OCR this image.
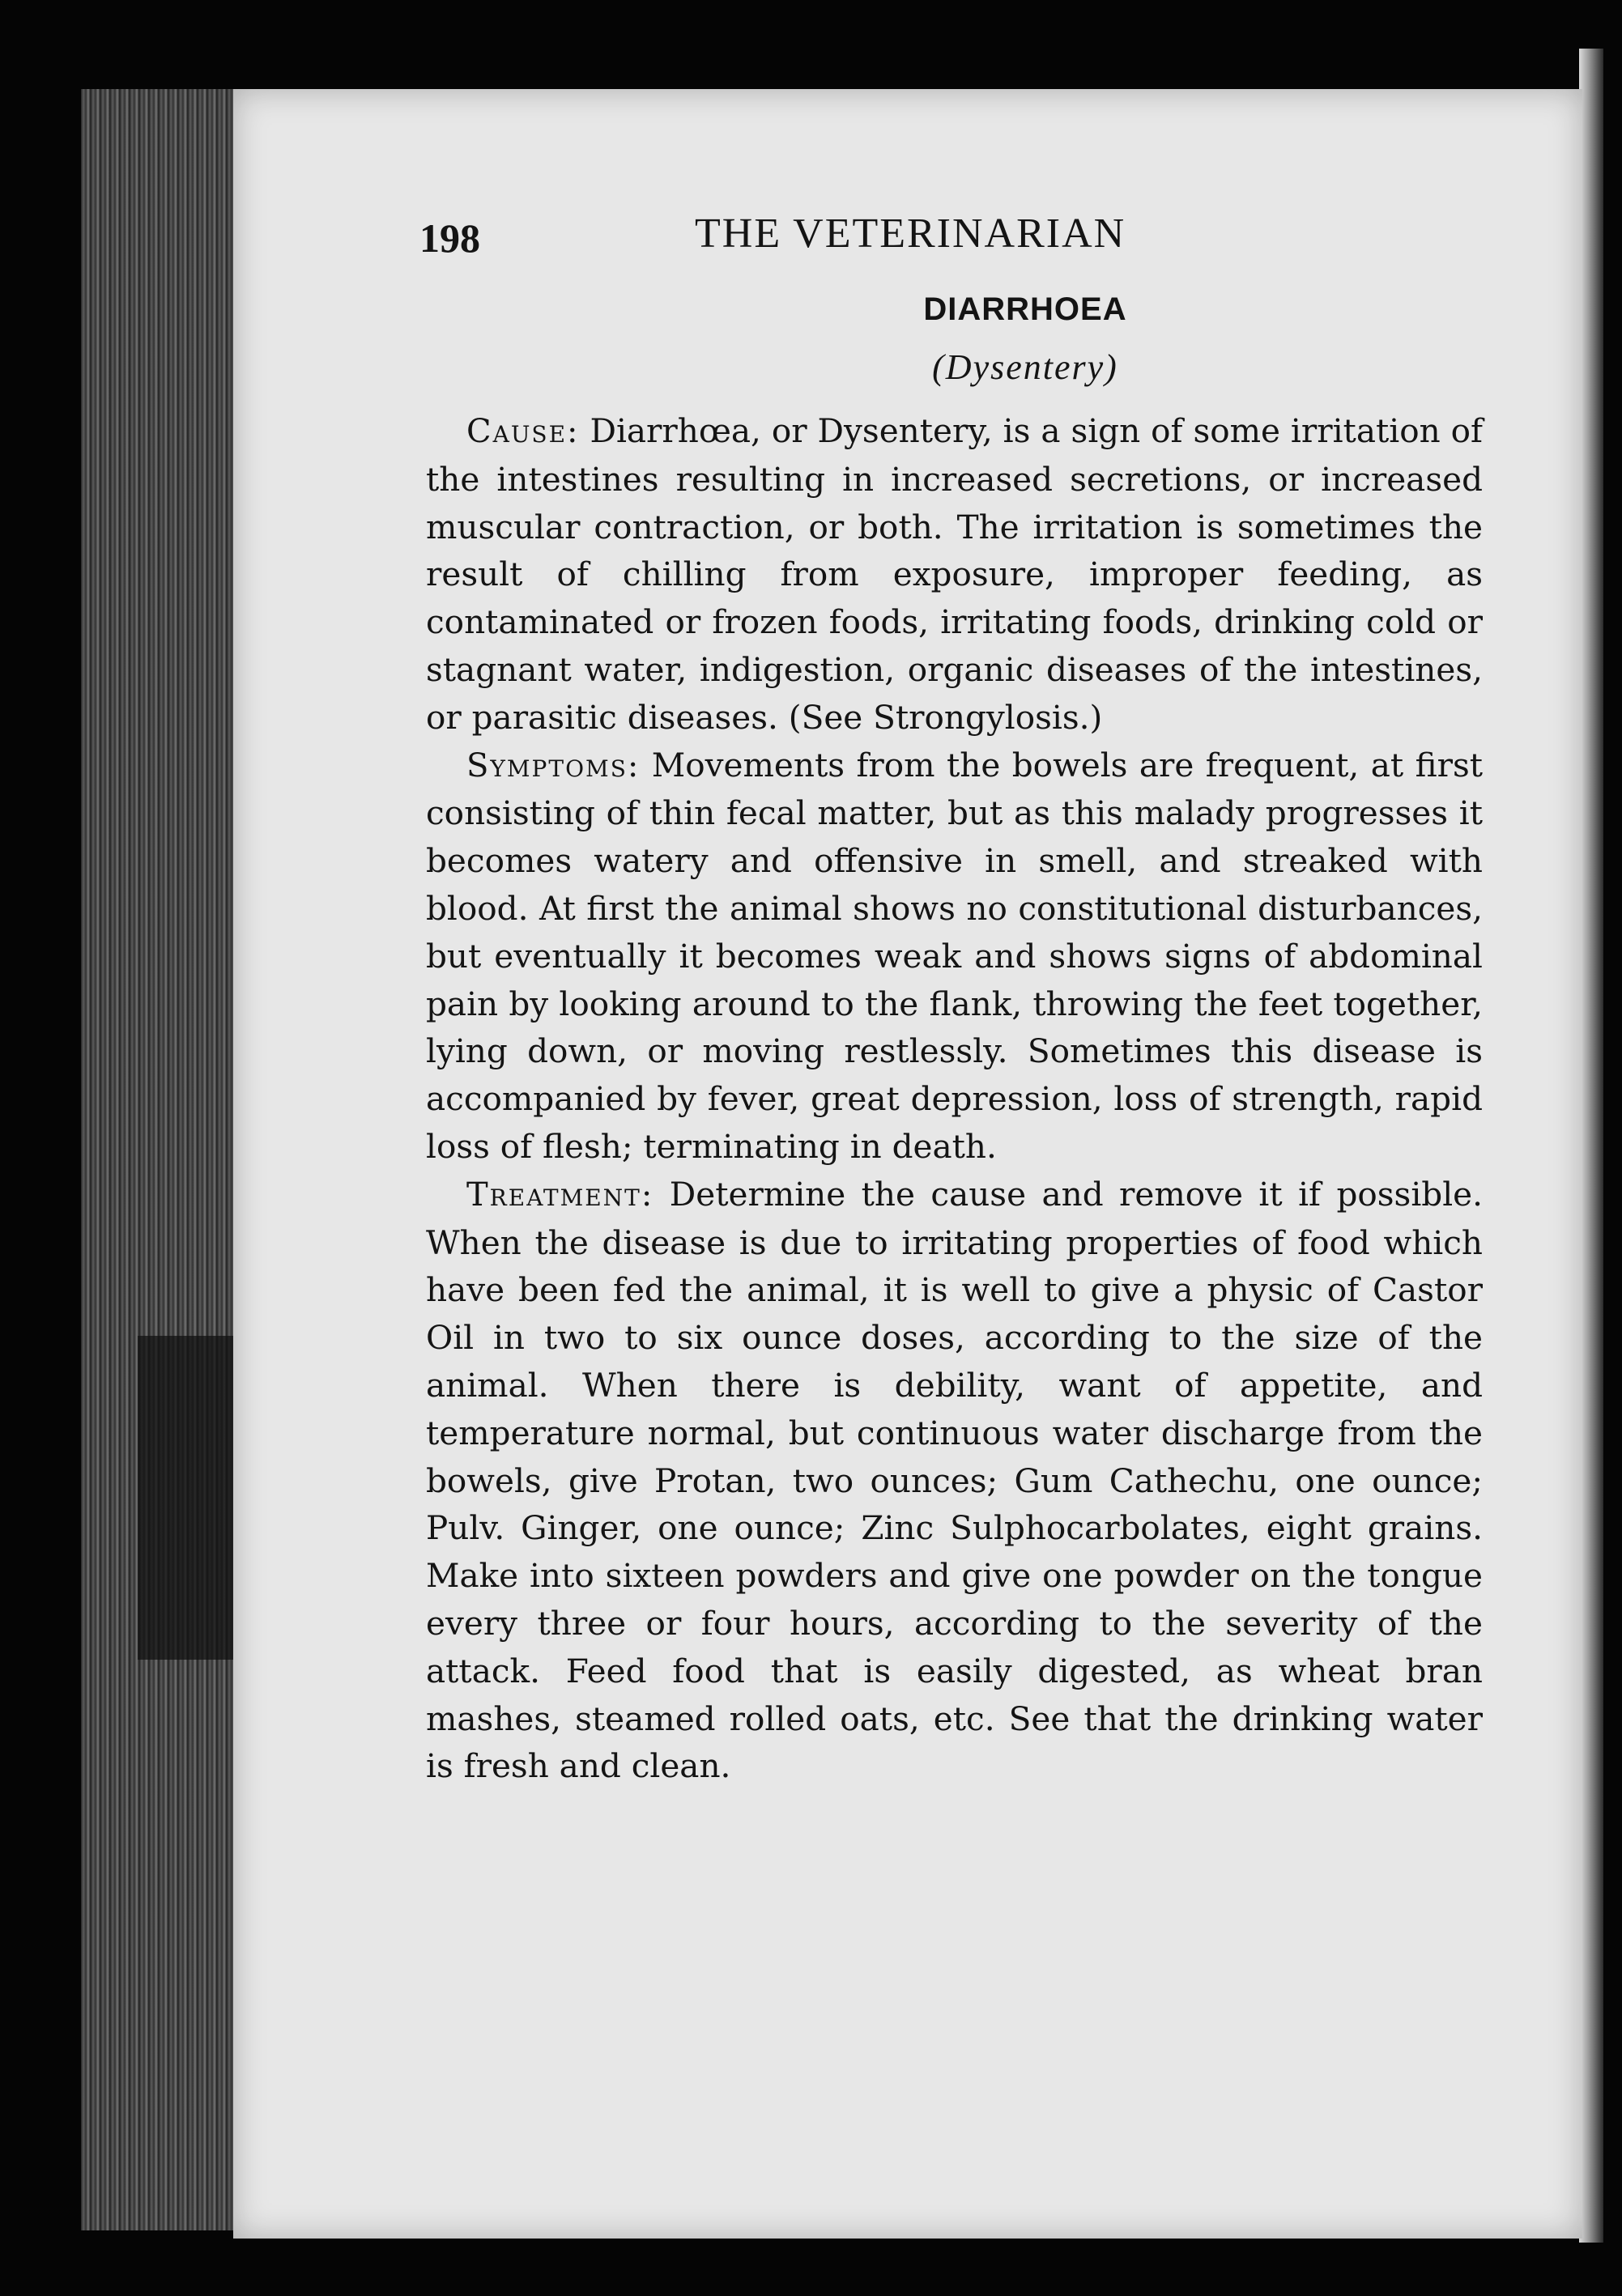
198	THE VETERINARIAN
DIARRHOEA
(Dysentery)

Cause: Diarrhœa, or Dysentery, is a sign of some irritation of the intestines resulting in increased secretions, or increased muscular contraction, or both. The irritation is sometimes the result of chilling from exposure, improper feeding, as contaminated or frozen foods, irritating foods, drinking cold or stagnant water, indigestion, organic diseases of the intestines, or parasitic diseases. (See Strongylosis.)

Symptoms: Movements from the bowels are frequent, at first consisting of thin fecal matter, but as this malady progresses it becomes watery and offensive in smell, and streaked with blood. At first the animal shows no constitutional disturbances, but eventually it becomes weak and shows signs of abdominal pain by looking around to the flank, throwing the feet together, lying down, or moving restlessly. Sometimes this disease is accompanied by fever, great depression, loss of strength, rapid loss of flesh; terminating in death.

Treatment: Determine the cause and remove it if possible. When the disease is due to irritating properties of food which have been fed the animal, it is well to give a physic of Castor Oil in two to six ounce doses, according to the size of the animal. When there is debility, want of appetite, and temperature normal, but continuous water discharge from the bowels, give Protan, two ounces; Gum Cathechu, one ounce; Pulv. Ginger, one ounce; Zinc Sulphocarbolates, eight grains. Make into sixteen powders and give one powder on the tongue every three or four hours, according to the severity of the attack. Feed food that is easily digested, as wheat bran mashes, steamed rolled oats, etc. See that the drinking water is fresh and clean.
